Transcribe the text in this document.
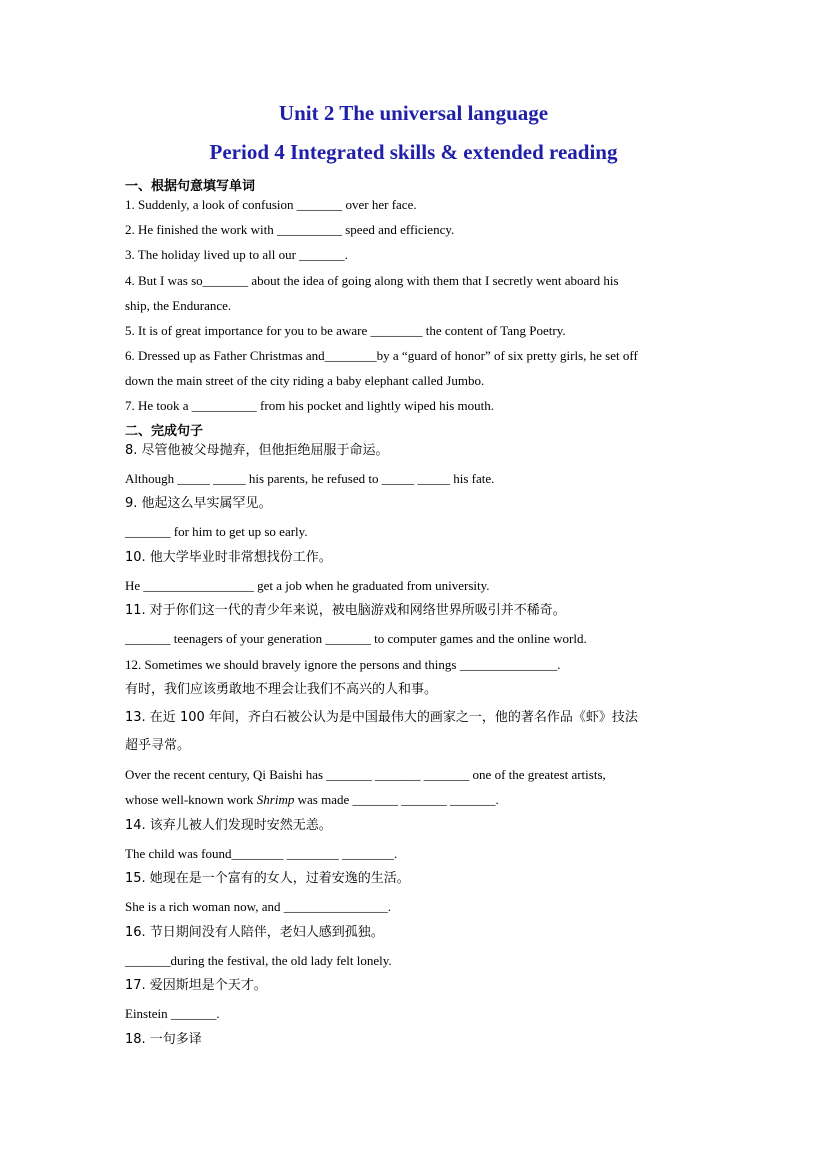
Unit 2 The universal language
Period 4 Integrated skills & extended reading
一、根据句意填写单词
1. Suddenly, a look of confusion _______ over her face.
2. He finished the work with __________ speed and efficiency.
3. The holiday lived up to all our _______.
4. But I was so_______ about the idea of going along with them that I secretly went aboard his
ship, the Endurance.
5. It is of great importance for you to be aware ________ the content of Tang Poetry.
6. Dressed up as Father Christmas and________by a “guard of honor” of six pretty girls, he set off
down the main street of the city riding a baby elephant called Jumbo.
7. He took a __________ from his pocket and lightly wiped his mouth.
二、完成句子
8. 尽管他被父母抛弃，但他拒绝屈服于命运。
Although _____ _____ his parents, he refused to _____ _____ his fate.
9. 他起这么早实属罕见。
_______ for him to get up so early.
10. 他大学毕业时非常想找份工作。
He _________________ get a job when he graduated from university.
11. 对于你们这一代的青少年来说，被电脑游戏和网络世界所吸引并不稀奇。
_______ teenagers of your generation _______ to computer games and the online world.
12. Sometimes we should bravely ignore the persons and things _______________.
有时，我们应该勇敢地不理会让我们不高兴的人和事。
13. 在近 100 年间，齐白石被公认为是中国最伟大的画家之一，他的著名作品《虾》技法
超乎寻常。
Over the recent century, Qi Baishi has _______ _______ _______ one of the greatest artists,
whose well-known work Shrimp was made _______ _______ _______.
14. 该弃儿被人们发现时安然无恙。
The child was found________ ________ ________.
15. 她现在是一个富有的女人，过着安逸的生活。
She is a rich woman now, and ________________.
16. 节日期间没有人陪伴，老妇人感到孤独。
_______during the festival, the old lady felt lonely.
17. 爱因斯坦是个天才。
Einstein _______.
18. 一句多译
